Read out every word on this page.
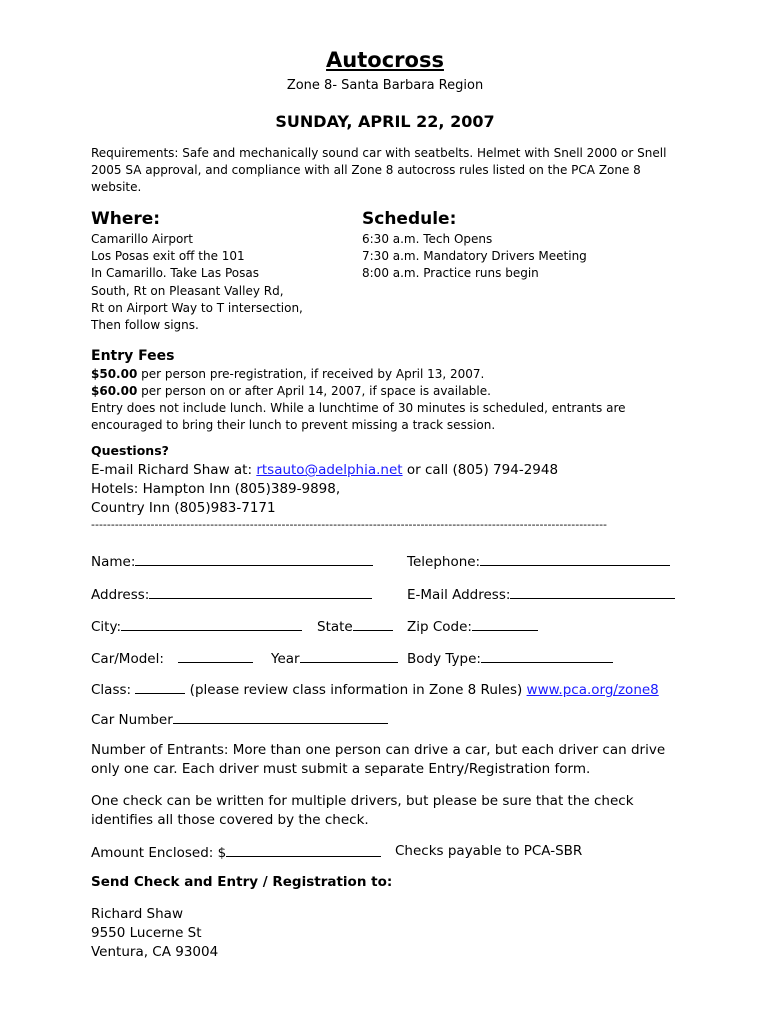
Autocross
Zone 8- Santa Barbara Region
SUNDAY, APRIL 22, 2007
Requirements: Safe and mechanically sound car with seatbelts. Helmet with Snell 2000 or Snell 2005 SA approval, and compliance with all Zone 8 autocross rules listed on the PCA Zone 8 website.
Where:
Camarillo Airport
Los Posas exit off the 101
In Camarillo. Take Las Posas
South, Rt on Pleasant Valley Rd,
Rt on Airport Way to T intersection,
Then follow signs.
Schedule:
6:30 a.m. Tech Opens
7:30 a.m. Mandatory Drivers Meeting
8:00 a.m. Practice runs begin
Entry Fees
$50.00 per person pre-registration, if received by April 13, 2007.
$60.00 per person on or after April 14, 2007, if space is available.
Entry does not include lunch. While a lunchtime of 30 minutes is scheduled, entrants are encouraged to bring their lunch to prevent missing a track session.
Questions?
E-mail Richard Shaw at: rtsauto@adelphia.net or call (805) 794-2948
Hotels: Hampton Inn (805)389-9898,
Country Inn (805)983-7171
----------------------------------------------------------------------------------------------------------------------------------
Name:	Telephone:
Address:	E-Mail Address:
City:	State	Zip Code:
Car/Model:	Year	Body Type:
Class:	(please review class information in Zone 8 Rules) www.pca.org/zone8
Car Number
Number of Entrants: More than one person can drive a car, but each driver can drive only one car. Each driver must submit a separate Entry/Registration form.
One check can be written for multiple drivers, but please be sure that the check identifies all those covered by the check.
Amount Enclosed: $	Checks payable to PCA-SBR
Send Check and Entry / Registration to:
Richard Shaw
9550 Lucerne St
Ventura, CA 93004
